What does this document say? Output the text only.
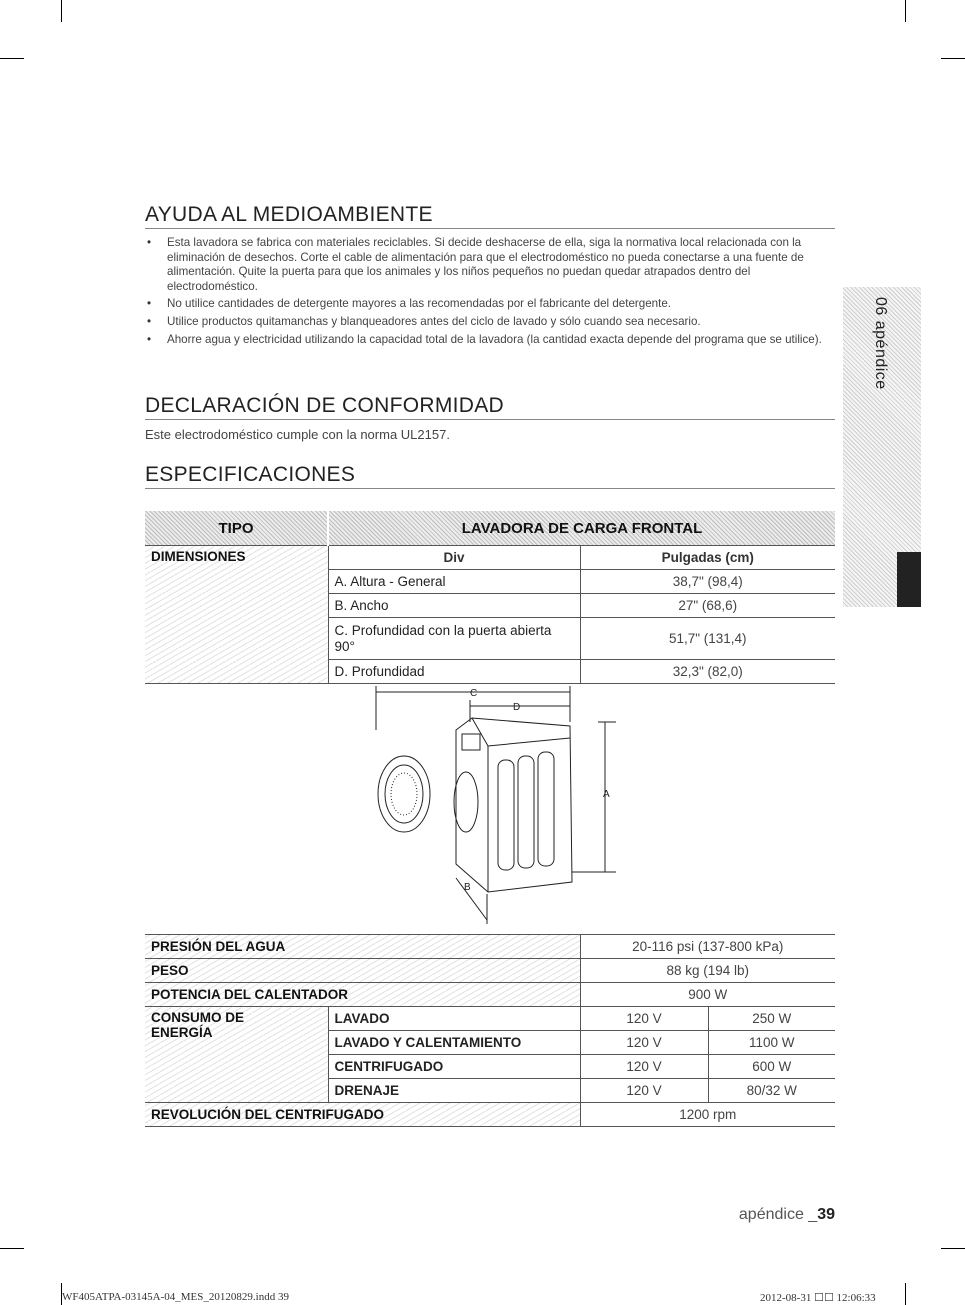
AYUDA AL MEDIOAMBIENTE
• Esta lavadora se fabrica con materiales reciclables. Si decide deshacerse de ella, siga la normativa local relacionada con la eliminación de desechos. Corte el cable de alimentación para que el electrodoméstico no pueda conectarse a una fuente de alimentación. Quite la puerta para que los animales y los niños pequeños no puedan quedar atrapados dentro del electrodoméstico.
• No utilice cantidades de detergente mayores a las recomendadas por el fabricante del detergente.
• Utilice productos quitamanchas y blanqueadores antes del ciclo de lavado y sólo cuando sea necesario.
• Ahorre agua y electricidad utilizando la capacidad total de la lavadora (la cantidad exacta depende del programa que se utilice).
DECLARACIÓN DE CONFORMIDAD
Este electrodoméstico cumple con la norma UL2157.
ESPECIFICACIONES
06 apéndice
TIPO	LAVADORA DE CARGA FRONTAL	
DIMENSIONES	Div	Pulgadas (cm)
	A. Altura - General	38,7" (98,4)
	B. Ancho	27" (68,6)
	C. Profundidad con la puerta abierta 90°	51,7" (131,4)
	D. Profundidad	32,3" (82,0)
C
D
A
B
PRESIÓN DEL AGUA		20-116 psi (137-800 kPa)	
PESO		88 kg (194 lb)	
POTENCIA DEL CALENTADOR		900 W	

CONSUMO DE ENERGÍA	LAVADO	120 V	250 W
	LAVADO Y CALENTAMIENTO	120 V	1100 W
	CENTRIFUGADO	120 V	600 W
	DRENAJE	120 V	80/32 W
REVOLUCIÓN DEL CENTRIFUGADO		1200 rpm	
apéndice _39
WF405ATPA-03145A-04_MES_20120829.indd 39	2012-08-31 ☐☐ 12:06:33
